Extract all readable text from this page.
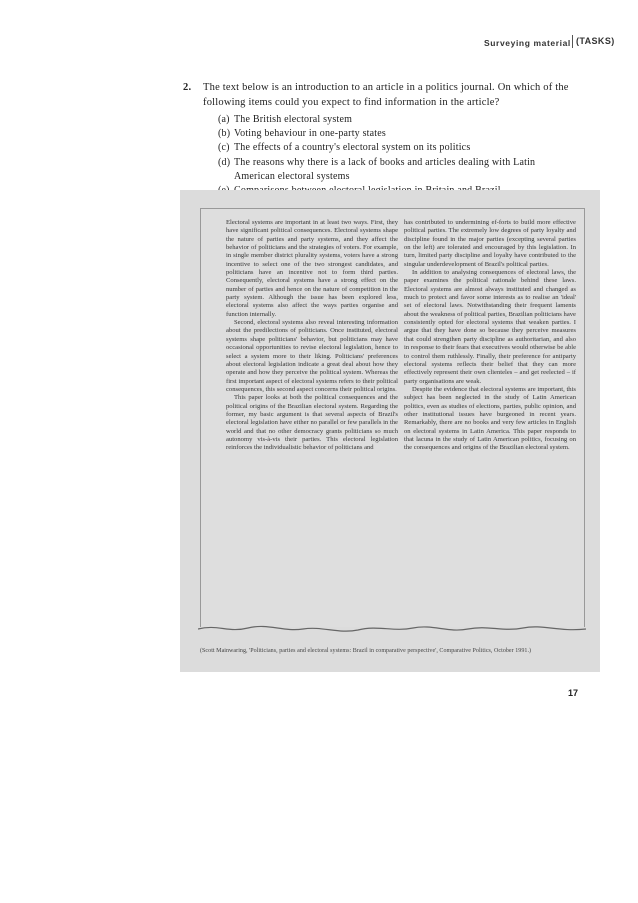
Surveying material (TASKS)
2.	The text below is an introduction to an article in a politics journal. On which of the following items could you expect to find information in the article?
(a) The British electoral system
(b) Voting behaviour in one-party states
(c) The effects of a country's electoral system on its politics
(d) The reasons why there is a lack of books and articles dealing with Latin American electoral systems

Electoral systems are important in at least two ways. First, they have significant political consequences. Electoral systems shape the nature of parties and party systems, and they affect the behavior of politicians and the strategies of voters. For example, in single member district plurality systems, voters have a strong incentive to select one of the two strongest candidates, and politicians have an incentive not to form third parties. Consequently, electoral systems have a strong effect on the number of parties and hence on the nature of competition in the party system. Although the issue has been explored less, electoral systems also affect the ways parties organise and function internally.

Second, electoral systems also reveal interesting information about the predilections of politicians. Once instituted, electoral systems shape politicians' behavior, but politicians may have occasional opportunities to revise electoral legislation, hence to select a system more to their liking. Politicians' preferences about electoral legislation indicate a great deal about how they operate and how they perceive the political system. Whereas the first important aspect of electoral systems refers to their political consequences, this second aspect concerns their political origins.

This paper looks at both the political consequences and the political origins of the Brazilian electoral system. Regarding the former, my basic argument is that several aspects of Brazil's electoral legislation have either no parallel or few parallels in the world and that no other democracy grants politicians so much autonomy vis-à-vis their parties. This electoral legislation reinforces the individualistic behavior of politicians and

has contributed to undermining ef-forts to build more effective political parties. The extremely low degrees of party loyalty and discipline found in the major parties (excepting several parties on the left) are tolerated and encouraged by this legislation. In turn, limited party discipline and loyalty have contributed to the singular underdevelopment of Brazil's political parties.

In addition to analysing consequences of electoral laws, the paper examines the political rationale behind these laws. Electoral systems are almost always instituted and changed as much to protect and favor some interests as to realise an 'ideal' set of electoral laws. Notwithstanding their frequent laments about the weakness of political parties, Brazilian politicians have consistently opted for electoral systems that weaken parties. I argue that they have done so because they perceive measures that could strengthen party discipline as authoritarian, and also in response to their fears that executives would otherwise be able to control them ruthlessly. Finally, their preference for antiparty electoral systems reflects their belief that they can more effectively represent their own clienteles – and get reelected – if party organisations are weak.

Despite the evidence that electoral systems are important, this subject has been neglected in the study of Latin American politics, even as studies of elections, parties, public opinion, and other institutional issues have burgeoned in recent years. Remarkably, there are no books and very few articles in English on electoral systems in Latin America. This paper responds to that lacuna in the study of Latin American politics, focusing on the consequences and origins of the Brazilian electoral system.

(Scott Mainwaring, 'Politicians, parties and electoral systems: Brazil in comparative perspective', Comparative Politics, October 1991.)
17
